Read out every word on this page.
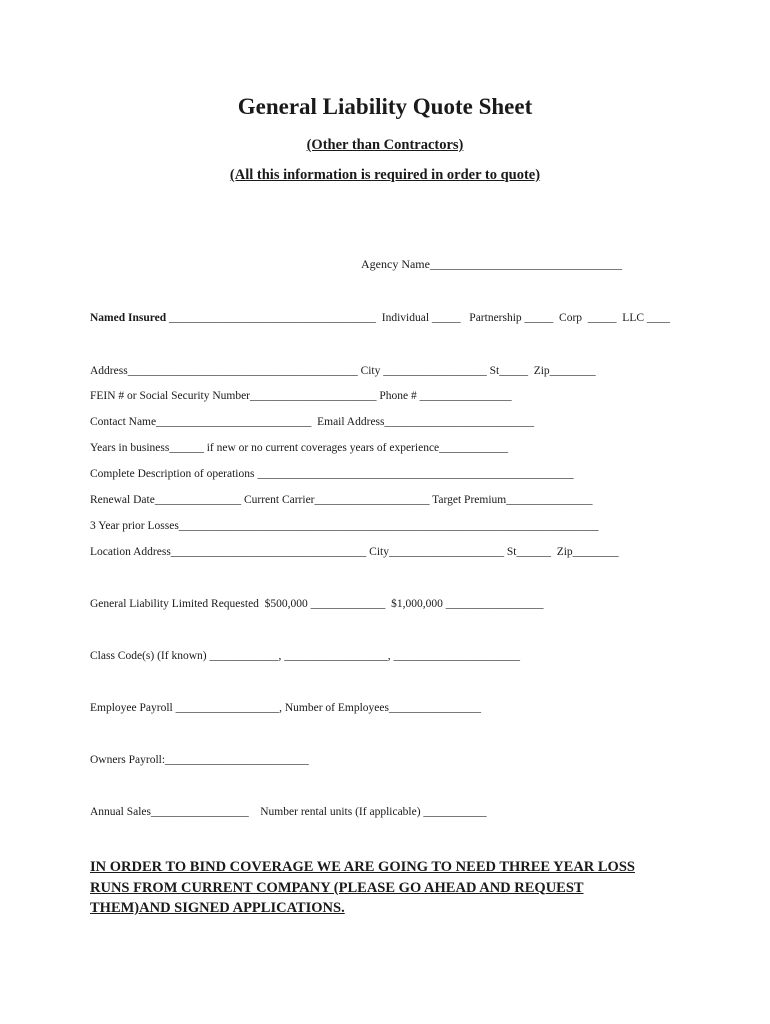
General Liability Quote Sheet
(Other than Contractors)
(All this information is required in order to quote)
Agency Name________________________________
Named Insured ____________________________________  Individual _____   Partnership _____  Corp  _____  LLC ____
Address________________________________________ City __________________ St_____  Zip________
FEIN # or Social Security Number______________________ Phone # ________________
Contact Name___________________________  Email Address__________________________
Years in business______ if new or no current coverages years of experience____________
Complete Description of operations _______________________________________________________
Renewal Date_______________ Current Carrier____________________ Target Premium_______________
3 Year prior Losses_________________________________________________________________________
Location Address__________________________________ City____________________ St______  Zip________
General Liability Limited Requested  $500,000 _____________  $1,000,000 _________________
Class Code(s) (If known) ____________, __________________, ______________________
Employee Payroll __________________, Number of Employees________________
Owners Payroll:_________________________
Annual Sales_________________    Number rental units (If applicable) ___________
IN ORDER TO BIND COVERAGE WE ARE GOING TO NEED THREE YEAR LOSS
RUNS FROM CURRENT COMPANY (PLEASE GO AHEAD AND REQUEST
THEM)AND SIGNED APPLICATIONS.
